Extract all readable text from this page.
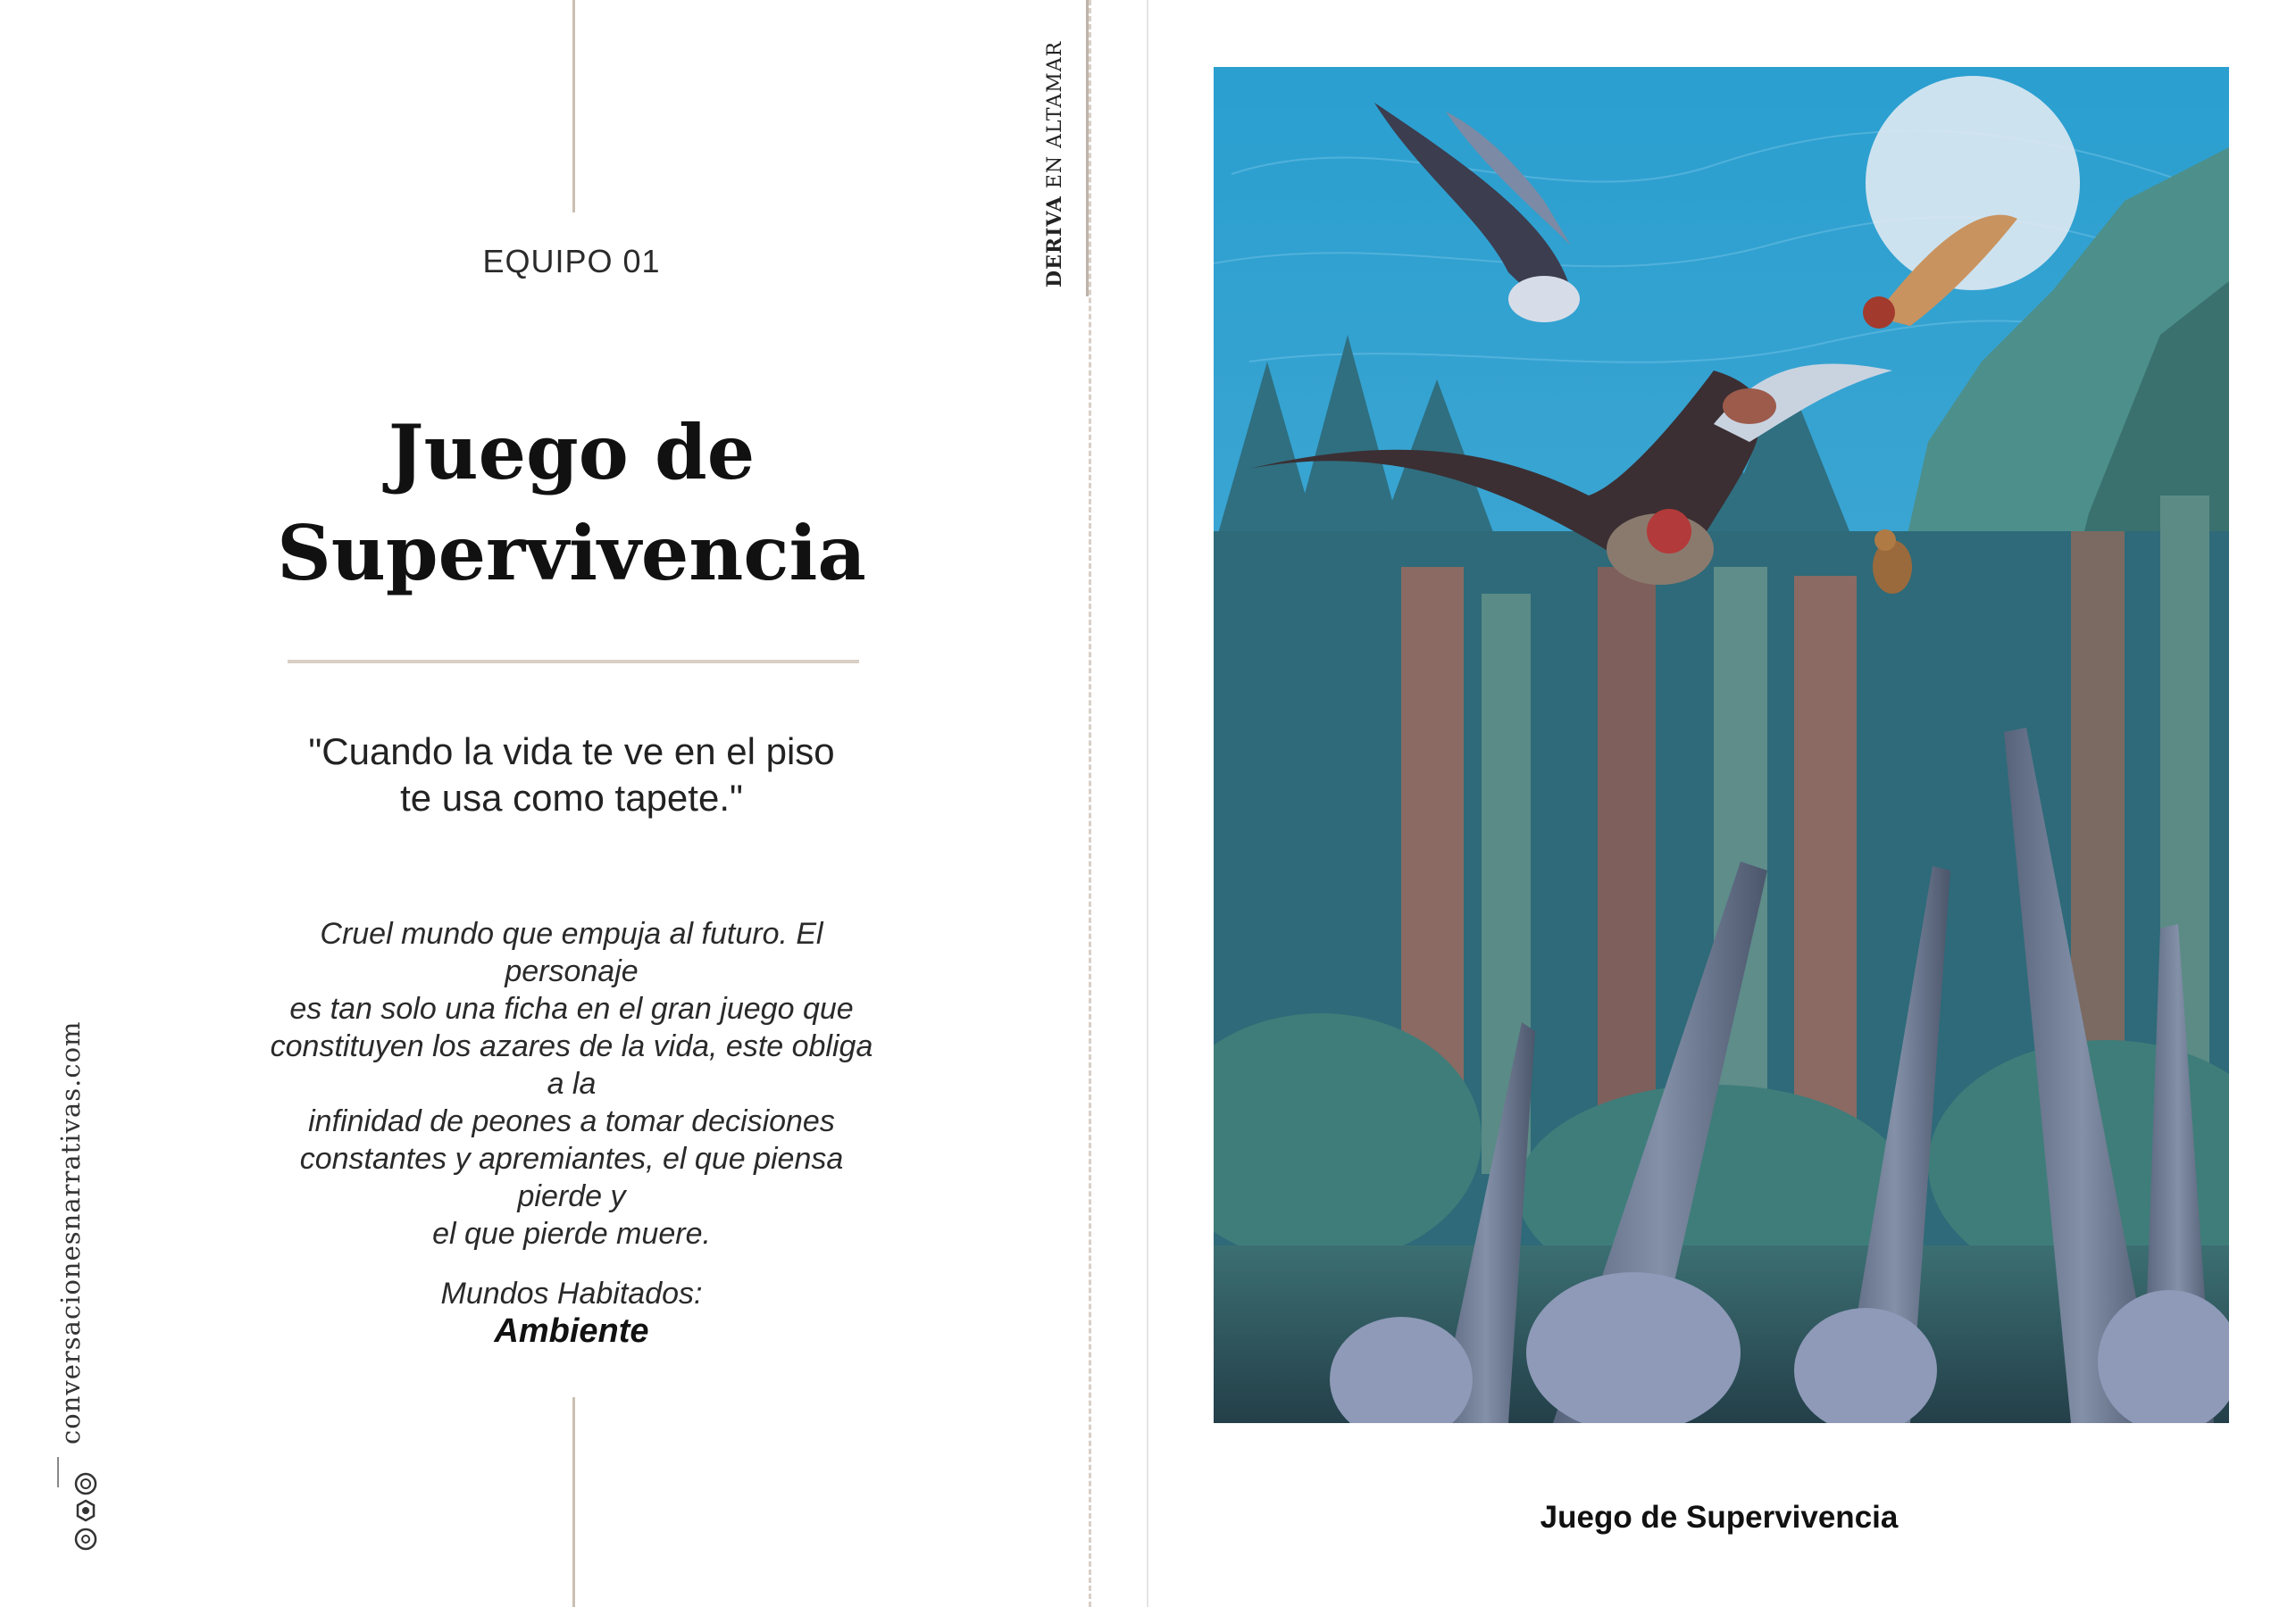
EQUIPO 01
Juego de
Supervivencia
"Cuando la vida te ve en el piso
te usa como tapete."
Cruel mundo que empuja al futuro. El personaje
es tan solo una ficha en el gran juego que
constituyen los azares de la vida, este obliga a la
infinidad de peones a tomar decisiones
constantes y apremiantes, el que piensa pierde y
el que pierde muere.
Mundos Habitados:
Ambiente
conversacionesnarrativas.com
DERIVA EN ALTAMAR
Juego de Supervivencia
